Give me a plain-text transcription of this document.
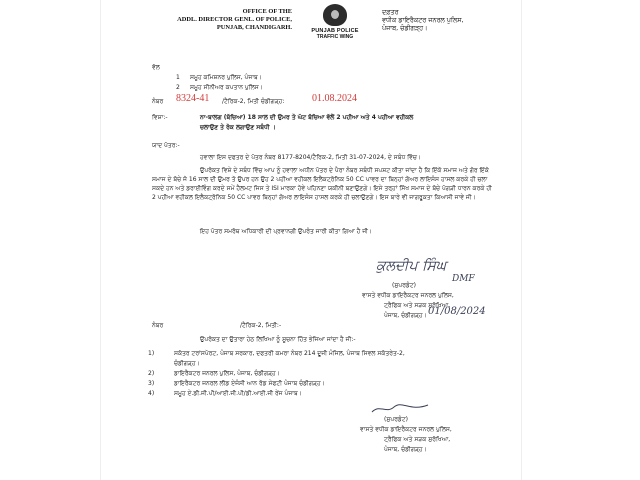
OFFICE OF THE
ADDL. DIRECTOR GENL. OF POLICE,
PUNJAB, CHANDIGARH.	PUNJAB POLICE
TRAFFIC WING
ਦਫ਼ਤਰ
ਵਧੀਕ ਡਾਇਰੈਕਟਰ ਜਨਰਲ ਪੁਲਿਸ,
ਪੰਜਾਬ, ਚੰਡੀਗੜ੍ਹ।
ਵੱਲ
1 ਸਮੂਹ ਕਮਿਸ਼ਨਰ ਪੁਲਿਸ, ਪੰਜਾਬ।
2 ਸਮੂਹ ਸੀਨੀਅਰ ਕਪਤਾਨ ਪੁਲਿਸ।
ਨੰਬਰ 8324-41 /ਟੈਰਿਕ-2, ਮਿਤੀ ਚੰਡੀਗੜ੍ਹ:	01.08.2024
ਵਿਸ਼ਾ:-	ਨਾ-ਬਾਲਗ (ਬੱਚਿਆ) 18 ਸਾਲ ਦੀ ਉਮਰ ਤੋ ਘੱਟ ਬੱਚਿਆ ਵੱਲੋਂ 2 ਪਹੀਆ ਅਤੇ 4 ਪਹੀਆ ਵਹੀਕਲ
ਚਲਾਉਣ ਤੇ ਰੋਕ ਲਗਾਉਣ ਸਬੰਧੀ ।
ਯਾਦ ਪੱਤਰ:-
ਹਵਾਲਾ ਇਸ ਦਫਤਰ ਦੇ ਪੱਤਰ ਨੰਬਰ 8177-8204/ਟੈਰਿਕ-2, ਮਿਤੀ 31-07-2024, ਦੇ ਸਬੰਧ ਵਿੱਚ।
ਉਪਰੋਕਤ ਵਿਸ਼ੇ ਦੇ ਸਬੰਧ ਵਿੱਚ ਆਪ ਨੂੰ ਹਵਾਲਾ ਅਧੀਨ ਪੱਤਰ ਦੇ ਪੈਰਾ ਨੰਬਰ ਸਬੰਧੀ ਸਪਸ਼ਟ ਕੀਤਾ ਜਾਂਦਾ ਹੈ ਕਿ ਇੱਕੋ ਸਮਾਜ ਅਤੇ ਗੋਰ ਇੱਕੋ ਸਮਾਜ ਦੇ ਬੱਚੇ ਜੋ 16 ਸਾਲ ਦੀ ਉਮਰ ਤੋ ਉਪਰ ਹਨ ਉਹ 2 ਪਹੀਆ ਵਹੀਕਲ ਇਲੈਕਟ੍ਰੋਨਿਕ 50 CC ਪਾਵਰ ਦਾ ਬਿਨ੍ਹਾਂ ਗੋਅਰ ਲਾਇਸੰਸ ਹਾਸਲ ਕਰਕੇ ਹੀ ਚਲਾ ਸਕਦੇ ਹਨ ਅਤੇ ਡਰਾਈਵਿੰਗ ਕਰਦੇ ਸਮੇਂ ਹੈਲਮਟ ਜਿਸ ਤੇ ISI ਮਾਰਕਾ ਹੋਵੇ ਪਹਿਨਣਾ ਯਕੀਨੀ ਬਣਾਉਣਗੇ। ਇਸੇ ਤਰ੍ਹਾਂ ਸਿੱਖ ਸਮਾਜ ਦੇ ਬੱਚੇ ਪੱਗੜੀ ਧਾਰਨ ਕਰਕੇ ਹੀ 2 ਪਹੀਆ ਵਹੀਕਲ ਇਲੈਕਟ੍ਰੋਨਿਕ 50 CC ਪਾਵਰ ਬਿਨ੍ਹਾਂ ਗੋਅਰ ਲਾਇਸੰਸ ਹਾਸਲ ਕਰਕੇ ਹੀ ਚਲਾਉਣਗੇ। ਇਸ ਬਾਰੇ ਵੀ ਜਾਗਰੂਕਤਾ ਕਿਆਸੀ ਜਾਵੇ ਜੀ।
ਇਹ ਪੱਤਰ ਸਮਰੱਥ ਅਧਿਕਾਰੀ ਦੀ ਪ੍ਰਵਾਨਗੀ ਉਪਰੰਤ ਜਾਰੀ ਕੀਤਾ ਗਿਆ ਹੈ ਜੀ।
ਕੁਲਦੀਪ ਸਿੰਘ
DMF
(ਸੁਪਰਡੰਟ)
ਵਾਸਤੇ ਵਧੀਕ ਡਾਇਰੈਕਟਰ ਜਨਰਲ ਪੁਲਿਸ,
ਟ੍ਰੈਫਿਕ ਅਤੇ ਸੜਕ ਸੁਰੱਖਿਆ,
ਪੰਜਾਬ, ਚੰਡੀਗੜ੍ਹ। 01/08/2024
ਨੰਬਰ	/ਟੈਰਿਕ-2, ਮਿਤੀ:-
ਉਪਰੋਕਤ ਦਾ ਉਤਾਰਾ ਹੇਠ ਲਿਖਿਆ ਨੂੰ ਸੂਚਨਾ ਹਿੱਤ ਭੇਜਿਆ ਜਾਂਦਾ ਹੈ ਜੀ:-
1)	ਸਕੱਤਰ ਟਰਾਂਸਪੋਰਟ, ਪੰਜਾਬ ਸਰਕਾਰ, ਦਫਤਰੀ ਕਮਰਾ ਨੰਬਰ 214 ਦੂਜੀ ਮੰਜਿਲ, ਪੰਜਾਬ ਸਿਵਲ ਸਕੱਤਰੇਤ-2,
ਚੰਡੀਗੜ੍ਹ।
2)	ਡਾਇਰੈਕਟਰ ਜਨਰਲ ਪੁਲਿਸ, ਪੰਜਾਬ, ਚੰਡੀਗੜ੍ਹ।
3)	ਡਾਇਰੈਕਟਰ ਜਨਰਲ ਲੀਡ ਏਜੰਸੀ ਆਨ ਰੋਡ ਸੇਫਟੀ ਪੰਜਾਬ ਚੰਡੀਗੜ੍ਹ।
4)	ਸਮੂਹ ਏ.ਡੀ.ਜੀ.ਪੀ/ਆਈ.ਜੀ.ਪੀ/ਡੀ.ਆਈ.ਜੀ ਰੇਂਜ ਪੰਜਾਬ।
(ਸੁਪਰਡੰਟ)
ਵਾਸਤੇ ਵਧੀਕ ਡਾਇਰੈਕਟਰ ਜਨਰਲ ਪੁਲਿਸ,
ਟ੍ਰੈਫਿਕ ਅਤੇ ਸੜਕ ਸੁਰੱਖਿਆ,
ਪੰਜਾਬ, ਚੰਡੀਗੜ੍ਹ।
